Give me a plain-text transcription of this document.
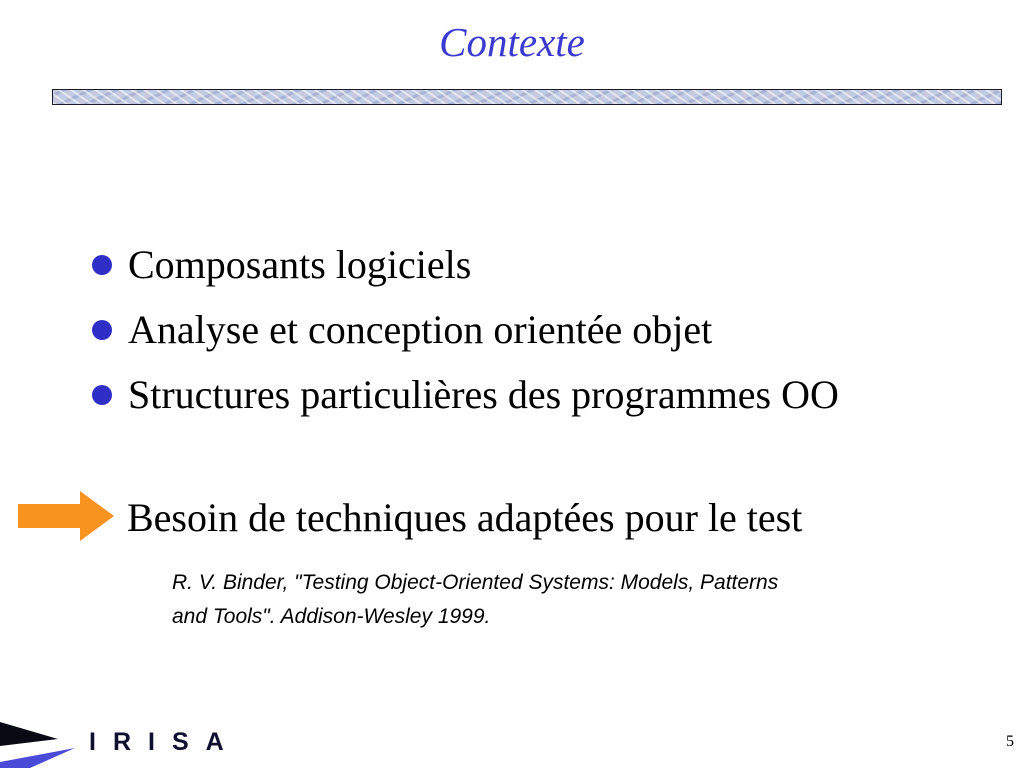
Contexte
Composants logiciels
Analyse et conception orientée objet
Structures particulières des programmes OO
Besoin de techniques adaptées pour le test
R. V. Binder, "Testing Object-Oriented Systems: Models, Patterns
and Tools". Addison-Wesley 1999.
IRISA	5
